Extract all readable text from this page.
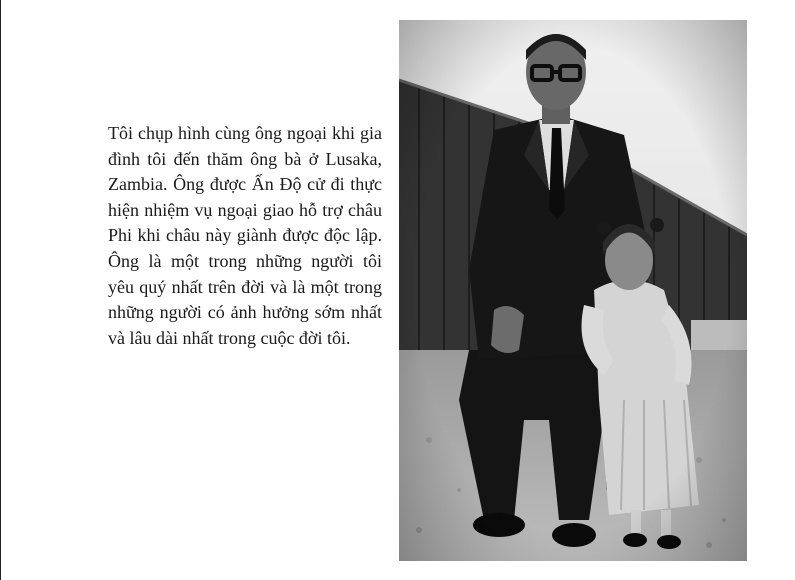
Tôi chụp hình cùng ông ngoại khi gia đình tôi đến thăm ông bà ở Lusaka, Zambia. Ông được Ấn Độ cử đi thực hiện nhiệm vụ ngoại giao hỗ trợ châu Phi khi châu này giành được độc lập. Ông là một trong những người tôi yêu quý nhất trên đời và là một trong những người có ảnh hưởng sớm nhất và lâu dài nhất trong cuộc đời tôi.
